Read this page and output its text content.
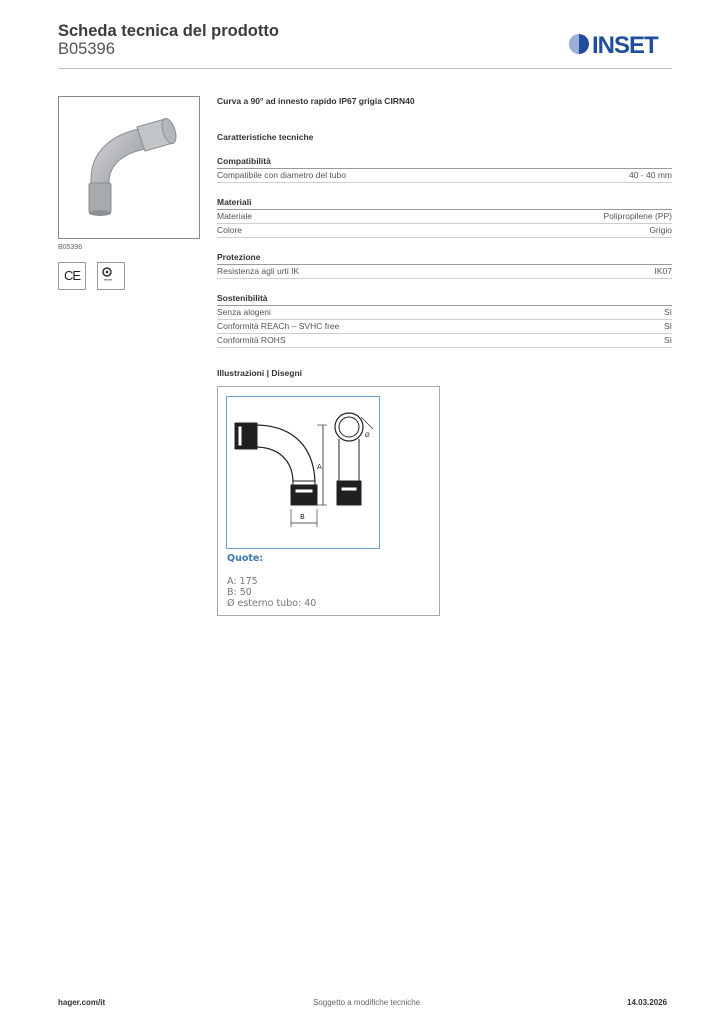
Scheda tecnica del prodotto
B05396	INSET
B05396
CE
Curva a 90° ad innesto rapido IP67 grigia CIRN40
Caratteristiche tecniche
Compatibilità
Compatibile con diametro del tubo	40 - 40 mm
Materiali
Materiale	Polipropilene (PP)
Colore	Grigio
Protezione
Resistenza agli urti IK	IK07
Sostenibilità
Senza alogeni	Sì
Conformità REACh – SVHC free	Sì
Conformità ROHS	Sì
Illustrazioni | Disegni
A
B
Ø
Quote:
A: 175
B: 50
Ø esterno tubo: 40
hager.com/it	Soggetto a modifiche tecniche	14.03.2026
